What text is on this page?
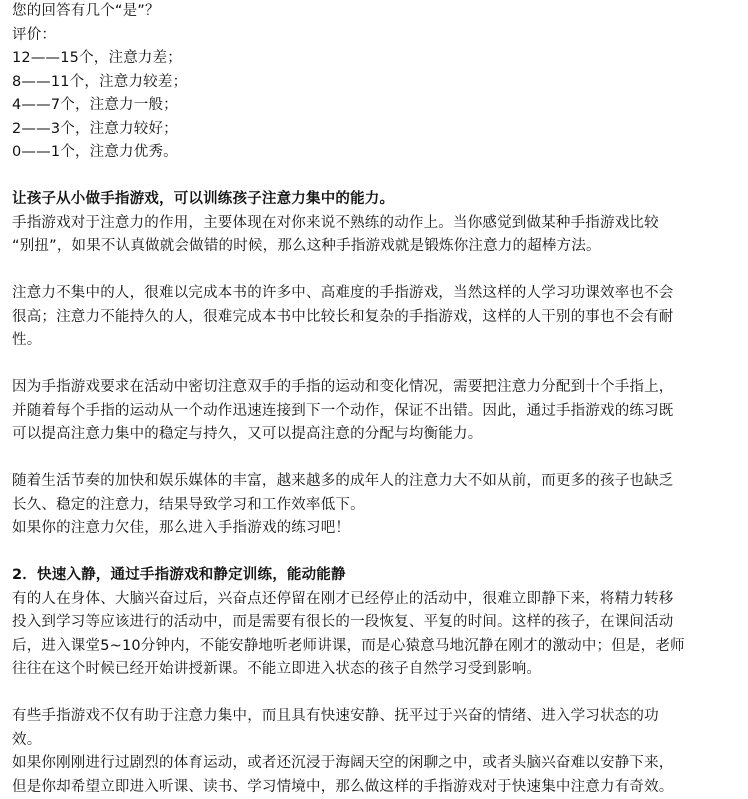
您的回答有几个“是”？
评价：
12——15个，注意力差；
8——11个，注意力较差；
4——7个，注意力一般；
2——3个，注意力较好；
0——1个，注意力优秀。
让孩子从小做手指游戏，可以训练孩子注意力集中的能力。
手指游戏对于注意力的作用，主要体现在对你来说不熟练的动作上。当你感觉到做某种手指游戏比较
“别扭”，如果不认真做就会做错的时候，那么这种手指游戏就是锻炼你注意力的超棒方法。
注意力不集中的人，很难以完成本书的许多中、高难度的手指游戏，当然这样的人学习功课效率也不会
很高；注意力不能持久的人，很难完成本书中比较长和复杂的手指游戏，这样的人干别的事也不会有耐
性。
因为手指游戏要求在活动中密切注意双手的手指的运动和变化情况，需要把注意力分配到十个手指上，
并随着每个手指的运动从一个动作迅速连接到下一个动作，保证不出错。因此，通过手指游戏的练习既
可以提高注意力集中的稳定与持久，又可以提高注意的分配与均衡能力。
随着生活节奏的加快和娱乐媒体的丰富，越来越多的成年人的注意力大不如从前，而更多的孩子也缺乏
长久、稳定的注意力，结果导致学习和工作效率低下。
如果你的注意力欠佳，那么进入手指游戏的练习吧！
2．快速入静，通过手指游戏和静定训练，能动能静
有的人在身体、大脑兴奋过后，兴奋点还停留在刚才已经停止的活动中，很难立即静下来，将精力转移
投入到学习等应该进行的活动中，而是需要有很长的一段恢复、平复的时间。这样的孩子，在课间活动
后，进入课堂5~10分钟内，不能安静地听老师讲课，而是心猿意马地沉静在刚才的激动中；但是，老师
往往在这个时候已经开始讲授新课。不能立即进入状态的孩子自然学习受到影响。
有些手指游戏不仅有助于注意力集中，而且具有快速安静、抚平过于兴奋的情绪、进入学习状态的功
效。
如果你刚刚进行过剧烈的体育运动，或者还沉浸于海阔天空的闲聊之中，或者头脑兴奋难以安静下来，
但是你却希望立即进入听课、读书、学习情境中，那么做这样的手指游戏对于快速集中注意力有奇效。
